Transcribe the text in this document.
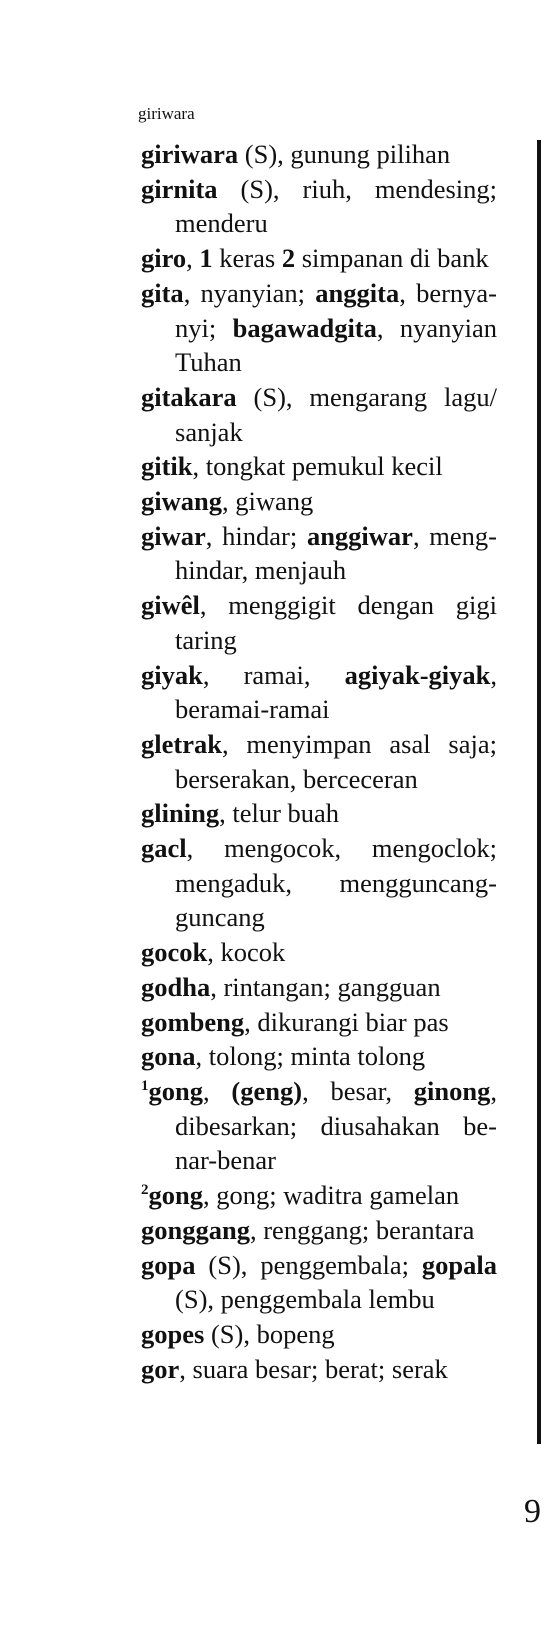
giriwara
giriwara (S), gunung pilihan
girnita (S), riuh, mendesing; menderu
giro, 1 keras 2 simpanan di bank
gita, nyanyian; anggita, bernya-nyi; bagawadgita, nyanyian Tuhan
gitakara (S), mengarang lagu/ sanjak
gitik, tongkat pemukul kecil
giwang, giwang
giwar, hindar; anggiwar, meng-hindar, menjauh
giwêl, menggigit dengan gigi taring
giyak, ramai, agiyak-giyak, beramai-ramai
gletrak, menyimpan asal saja; berserakan, berceceran
glining, telur buah
gacl, mengocok, mengoclok; mengaduk, mengguncang-guncang
gocok, kocok
godha, rintangan; gangguan
gombeng, dikurangi biar pas
gona, tolong; minta tolong
$^1$gong, (geng), besar, ginong, dibesarkan; diusahakan be-nar-benar
$^2$gong, gong; waditra gamelan
gonggang, renggang; berantara
gopa (S), penggembala; gopala (S), penggembala lembu
gopes (S), bopeng
gor, suara besar; berat; serak
9
